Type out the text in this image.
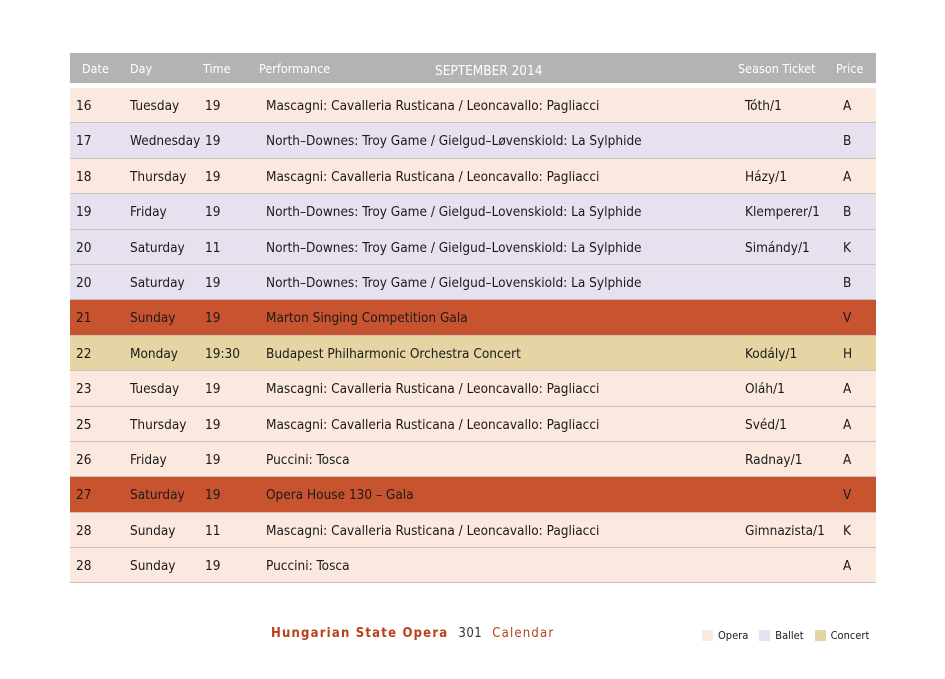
Date Day	Time Performance	SEPTEMBER 2014	Season Ticket Price
16	Tuesday 19	Mascagni: Cavalleria Rusticana / Leoncavallo: Pagliacci	Tóth/1	A
17	Wednesday 19	North–Downes: Troy Game / Gielgud–Løvenskiold: La Sylphide	B
18	Thursday 19	Mascagni: Cavalleria Rusticana / Leoncavallo: Pagliacci	Házy/1	A
19	Friday	19	North–Downes: Troy Game / Gielgud–Lovenskiold: La Sylphide	Klemperer/1 B
20	Saturday 11	North–Downes: Troy Game / Gielgud–Lovenskiold: La Sylphide	Simándy/1 K
20	Saturday 19	North–Downes: Troy Game / Gielgud–Lovenskiold: La Sylphide	B
21	Sunday 19	Marton Singing Competition Gala	V
22	Monday 19:30 Budapest Philharmonic Orchestra Concert	Kodály/1	H
23	Tuesday 19	Mascagni: Cavalleria Rusticana / Leoncavallo: Pagliacci	Oláh/1	A
25	Thursday 19	Mascagni: Cavalleria Rusticana / Leoncavallo: Pagliacci	Svéd/1	A
26	Friday	19	Puccini: Tosca	Radnay/1	A
27	Saturday 19	Opera House 130 – Gala	V
28	Sunday 11	Mascagni: Cavalleria Rusticana / Leoncavallo: Pagliacci	Gimnazista/1 K
28	Sunday 19	Puccini: Tosca	A
Hungarian State Opera 301 Calendar	Opera Ballet Concert
